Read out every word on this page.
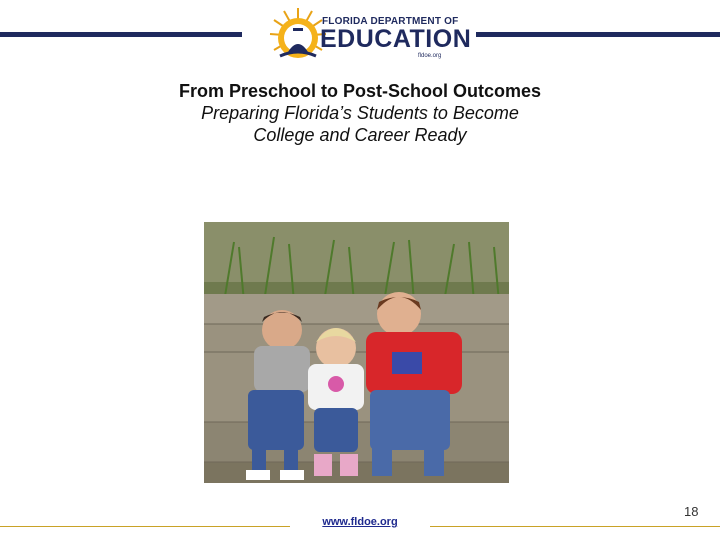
FLORIDA DEPARTMENT OF
EDUCATION
fldoe.org
From Preschool to Post-School Outcomes
Preparing Florida’s Students to Become
College and Career Ready
www.fldoe.org
18
